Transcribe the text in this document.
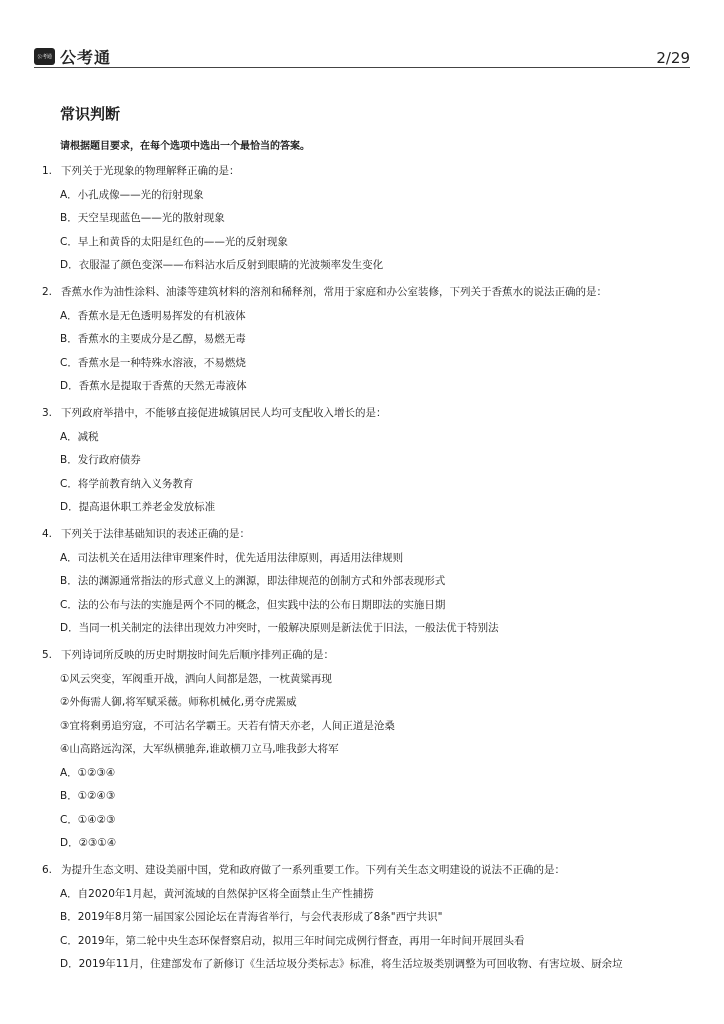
公考通 公考通	2/29
常识判断
请根据题目要求，在每个选项中选出一个最恰当的答案。
1. 下列关于光现象的物理解释正确的是：
A．小孔成像——光的衍射现象
B．天空呈现蓝色——光的散射现象
C．早上和黄昏的太阳是红色的——光的反射现象
D．衣服湿了颜色变深——布料沾水后反射到眼睛的光波频率发生变化
2. 香蕉水作为油性涂料、油漆等建筑材料的溶剂和稀释剂，常用于家庭和办公室装修，下列关于香蕉水的说法正确的是：
A．香蕉水是无色透明易挥发的有机液体
B．香蕉水的主要成分是乙醇，易燃无毒
C．香蕉水是一种特殊水溶液，不易燃烧
D．香蕉水是提取于香蕉的天然无毒液体
3. 下列政府举措中，不能够直接促进城镇居民人均可支配收入增长的是：
A．减税
B．发行政府债券
C．将学前教育纳入义务教育
D．提高退休职工养老金发放标准
4. 下列关于法律基础知识的表述正确的是：
A．司法机关在适用法律审理案件时，优先适用法律原则，再适用法律规则
B．法的渊源通常指法的形式意义上的渊源，即法律规范的创制方式和外部表现形式
C．法的公布与法的实施是两个不同的概念，但实践中法的公布日期即法的实施日期
D．当同一机关制定的法律出现效力冲突时，一般解决原则是新法优于旧法，一般法优于特别法
5. 下列诗词所反映的历史时期按时间先后顺序排列正确的是：
①风云突变，军阀重开战，洒向人间都是怨，一枕黄粱再现
②外侮需人御,将军赋采薇。师称机械化,勇夺虎罴威
③宜将剩勇追穷寇，不可沽名学霸王。天若有情天亦老，人间正道是沧桑
④山高路远沟深，大军纵横驰奔,谁敢横刀立马,唯我彭大将军
A．①②③④
B．①②④③
C．①④②③
D．②③①④
6. 为提升生态文明、建设美丽中国，党和政府做了一系列重要工作。下列有关生态文明建设的说法不正确的是：
A．自2020年1月起，黄河流域的自然保护区将全面禁止生产性捕捞
B．2019年8月第一届国家公园论坛在青海省举行，与会代表形成了8条"西宁共识"
C．2019年，第二轮中央生态环保督察启动，拟用三年时间完成例行督查，再用一年时间开展回头看
D．2019年11月，住建部发布了新修订《生活垃圾分类标志》标准，将生活垃圾类别调整为可回收物、有害垃圾、厨余垃
